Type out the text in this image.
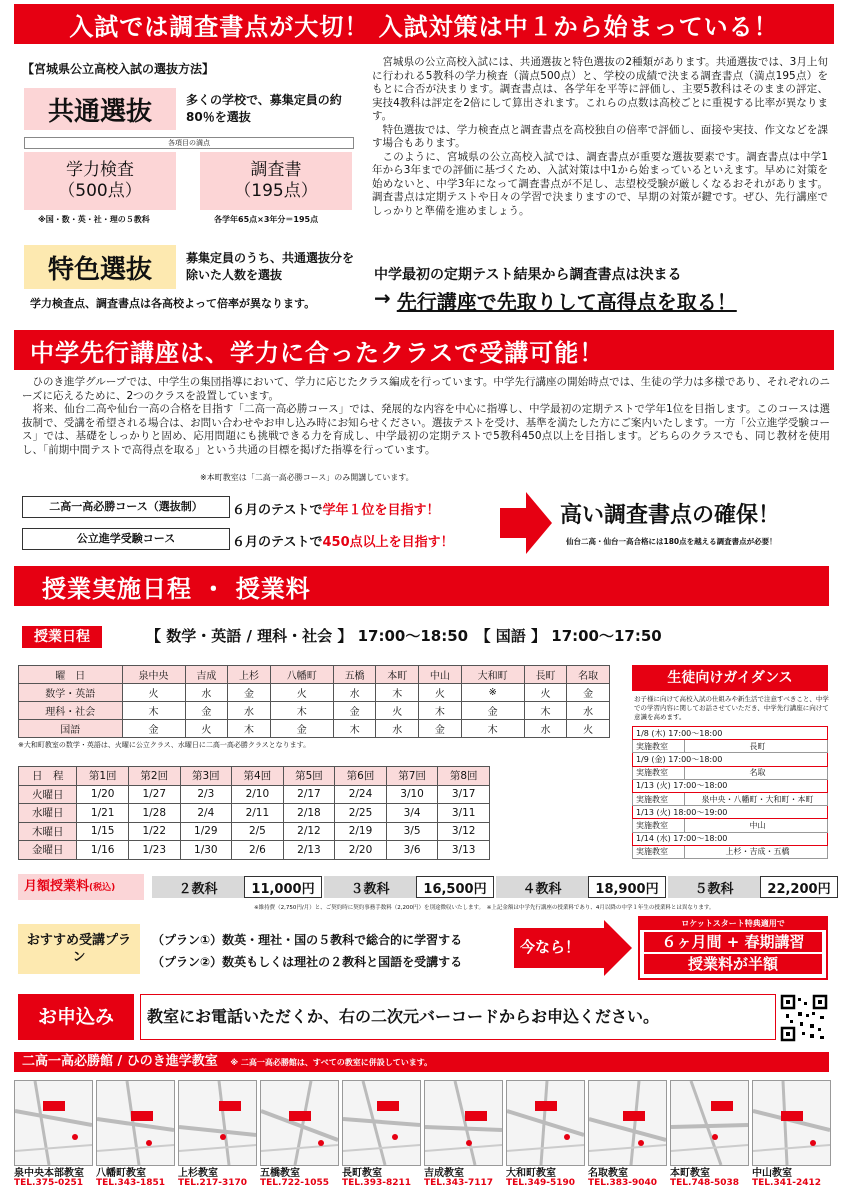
入試では調査書点が大切！ 入試対策は中１から始まっている！
【宮城県公立高校入試の選抜方法】
共通選抜	多くの学校で、募集定員の約80％を選抜
各項目の満点
学力検査
（500点）
調査書
（195点）
※国・数・英・社・理の５教科	各学年65点×3年分＝195点
特色選抜	募集定員のうち、共通選抜分を除いた人数を選抜
学力検査点、調査書点は各高校よって倍率が異なります。

宮城県の公立高校入試には、共通選抜と特色選抜の2種類があります。共通選抜では、3月上旬に行われる5教科の学力検査（満点500点）と、学校の成績で決まる調査書点（満点195点）をもとに合否が決まります。調査書点は、各学年を平等に評価し、主要5教科はそのままの評定、実技4教科は評定を2倍にして算出されます。これらの点数は高校ごとに重視する比率が異なります。

特色選抜では、学力検査点と調査書点を高校独自の倍率で評価し、面接や実技、作文などを課す場合もあります。

このように、宮城県の公立高校入試では、調査書点が重要な選抜要素です。調査書点は中学1年から3年までの評価に基づくため、入試対策は中1から始まっているといえます。早めに対策を始めないと、中学3年になって調査書点が不足し、志望校受験が厳しくなるおそれがあります。調査書点は定期テストや日々の学習で決まりますので、早期の対策が鍵です。ぜひ、先行講座でしっかりと準備を進めましょう。

中学最初の定期テスト結果から調査書点は決まる
→ 先行講座で先取りして高得点を取る！
中学先行講座は、学力に合ったクラスで受講可能！

ひのき進学グループでは、中学生の集団指導において、学力に応じたクラス編成を行っています。中学先行講座の開始時点では、生徒の学力は多様であり、それぞれのニーズに応えるために、2つのクラスを設置しています。

将来、仙台二高や仙台一高の合格を目指す「二高一高必勝コース」では、発展的な内容を中心に指導し、中学最初の定期テストで学年1位を目指します。このコースは選抜制で、受講を希望される場合は、お問い合わせやお申し込み時にお知らせください。選抜テストを受け、基準を満たした方にご案内いたします。一方「公立進学受験コース」では、基礎をしっかりと固め、応用問題にも挑戦できる力を育成し、中学最初の定期テストで5教科450点以上を目指します。どちらのクラスでも、同じ教材を使用し、「前期中間テストで高得点を取る」という共通の目標を掲げた指導を行っています。

※本町教室は「二高一高必勝コース」のみ開講しています。
二高一高必勝コース（選抜制）	６月のテストで学年１位を目指す！
公立進学受験コース	６月のテストで450点以上を目指す！
高い調査書点の確保！
仙台二高・仙台一高合格には180点を越える調査書点が必要！
授業実施日程 ・ 授業料
授業日程	【 数学・英語 / 理科・社会 】 17:00〜18:50　【 国語 】 17:00〜17:50
曜　日	泉中央	吉成	上杉	八幡町	五橋	本町	中山	大和町	長町	名取
数学・英語	火	水	金	火	水	木	火	※	火	金
理科・社会	木	金	水	木	金	火	木	金	木	水
国語	金	火	木	金	木	水	金	木	水	火
※大和町教室の数学・英語は、火曜に公立クラス、水曜日に二高一高必勝クラスとなります。
日　程	第1回	第2回	第3回	第4回	第5回	第6回	第7回	第8回
火曜日	1/20	1/27	2/3	2/10	2/17	2/24	3/10	3/17
水曜日	1/21	1/28	2/4	2/11	2/18	2/25	3/4	3/11
木曜日	1/15	1/22	1/29	2/5	2/12	2/19	3/5	3/12
金曜日	1/16	1/23	1/30	2/6	2/13	2/20	3/6	3/13
生徒向けガイダンス
お子様に向けて高校入試の仕組みや新生活で注意すべきこと、中学での学習内容に関してお話させていただき、中学先行講座に向けて意識を高めます。
1/8 (木) 17:00〜18:00	
実施教室	長町
1/9 (金) 17:00〜18:00	
実施教室	名取
1/13 (火) 17:00〜18:00	
実施教室	泉中央・八幡町・大和町・本町
1/13 (火) 18:00〜19:00	
実施教室	中山
1/14 (水) 17:00〜18:00	
実施教室	上杉・吉成・五橋
月額授業料(税込)	２教科	11,000円	３教科	16,500円	４教科	18,900円	５教科	22,200円
※維持費（2,750円/月）と、ご契約時に契約事務手数料（2,200円）を別途徴収いたします。　※上記金額は中学先行講座の授業料であり、4月以降の中学１年生の授業料とは異なります。
おすすめ受講プラン
（プラン①）数英・理社・国の５教科で総合的に学習する
（プラン②）数英もしくは理社の２教科と国語を受講する
今なら！
ロケットスタート特典適用で
６ヶ月間 + 春期講習
授業料が半額
お申込み	教室にお電話いただくか、右の二次元バーコードからお申込ください。
二高一高必勝館 / ひのき進学教室 ※ 二高一高必勝館は、すべての教室に併設しています。
泉中央本部教室
TEL.375-0251
八幡町教室
TEL.343-1851
上杉教室
TEL.217-3170
五橋教室
TEL.722-1055
長町教室
TEL.393-8211
吉成教室
TEL.343-7117
大和町教室
TEL.349-5190
名取教室
TEL.383-9040
本町教室
TEL.748-5038
中山教室
TEL.341-2412
